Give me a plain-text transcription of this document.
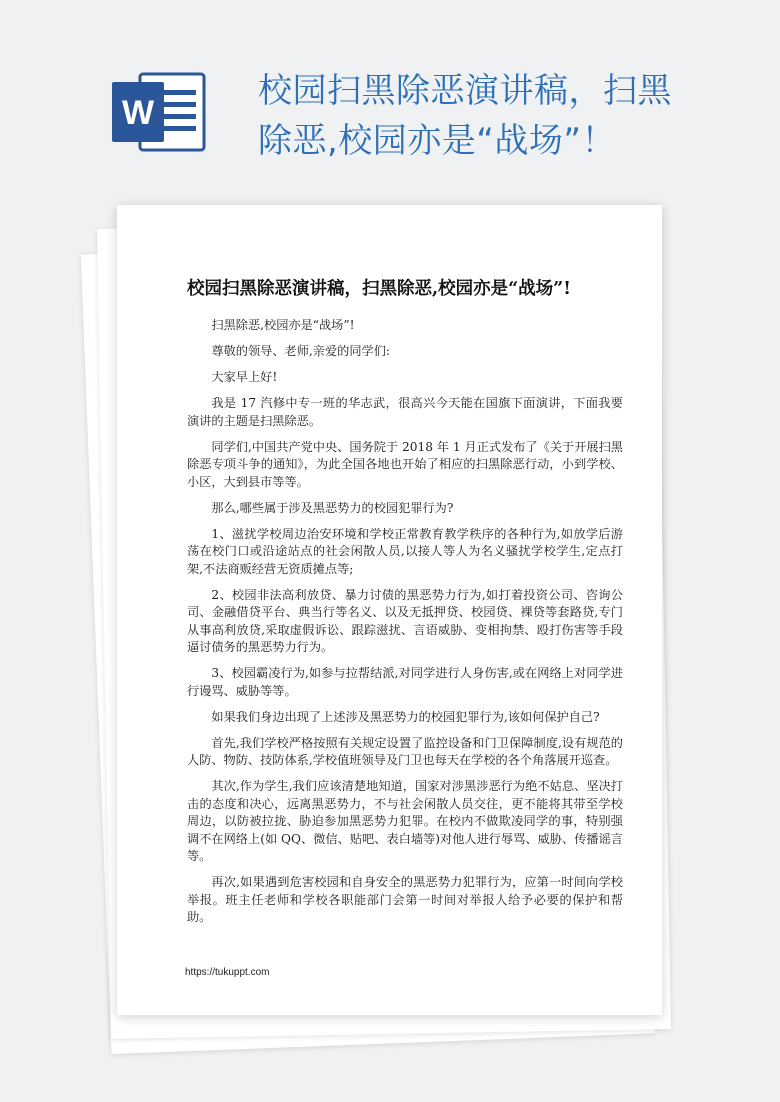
W
校园扫黑除恶演讲稿，扫黑除恶,校园亦是“战场”！
校园扫黑除恶演讲稿，扫黑除恶,校园亦是“战场”!

扫黑除恶,校园亦是“战场”!

尊敬的领导、老师,亲爱的同学们:

大家早上好!

我是 17 汽修中专一班的华志武，很高兴今天能在国旗下面演讲，下面我要演讲的主题是扫黑除恶。

同学们,中国共产党中央、国务院于 2018 年 1 月正式发布了《关于开展扫黑除恶专项斗争的通知》，为此全国各地也开始了相应的扫黑除恶行动，小到学校、小区，大到县市等等。

那么,哪些属于涉及黑恶势力的校园犯罪行为?

1、滋扰学校周边治安环境和学校正常教育教学秩序的各种行为,如放学后游荡在校门口或沿途站点的社会闲散人员,以接人等人为名义骚扰学校学生,定点打架,不法商贩经营无资质摊点等;

2、校园非法高利放贷、暴力讨债的黑恶势力行为,如打着投资公司、咨询公司、金融借贷平台、典当行等名义、以及无抵押贷、校园贷、裸贷等套路贷,专门从事高利放贷,采取虚假诉讼、跟踪滋扰、言语威胁、变相拘禁、殴打伤害等手段逼讨债务的黑恶势力行为。

3、校园霸凌行为,如参与拉帮结派,对同学进行人身伤害,或在网络上对同学进行谩骂、威胁等等。

如果我们身边出现了上述涉及黑恶势力的校园犯罪行为,该如何保护自己?

首先,我们学校严格按照有关规定设置了监控设备和门卫保障制度,设有规范的人防、物防、技防体系,学校值班领导及门卫也每天在学校的各个角落展开巡查。

其次,作为学生,我们应该清楚地知道，国家对涉黑涉恶行为绝不姑息、坚决打击的态度和决心，远离黑恶势力，不与社会闲散人员交往，更不能将其带至学校周边，以防被拉拢、胁迫参加黑恶势力犯罪。在校内不做欺凌同学的事，特别强调不在网络上(如 QQ、微信、贴吧、表白墙等)对他人进行辱骂、威胁、传播谣言等。

再次,如果遇到危害校园和自身安全的黑恶势力犯罪行为，应第一时间向学校举报。班主任老师和学校各职能部门会第一时间对举报人给予必要的保护和帮助。

https://tukuppt.com
